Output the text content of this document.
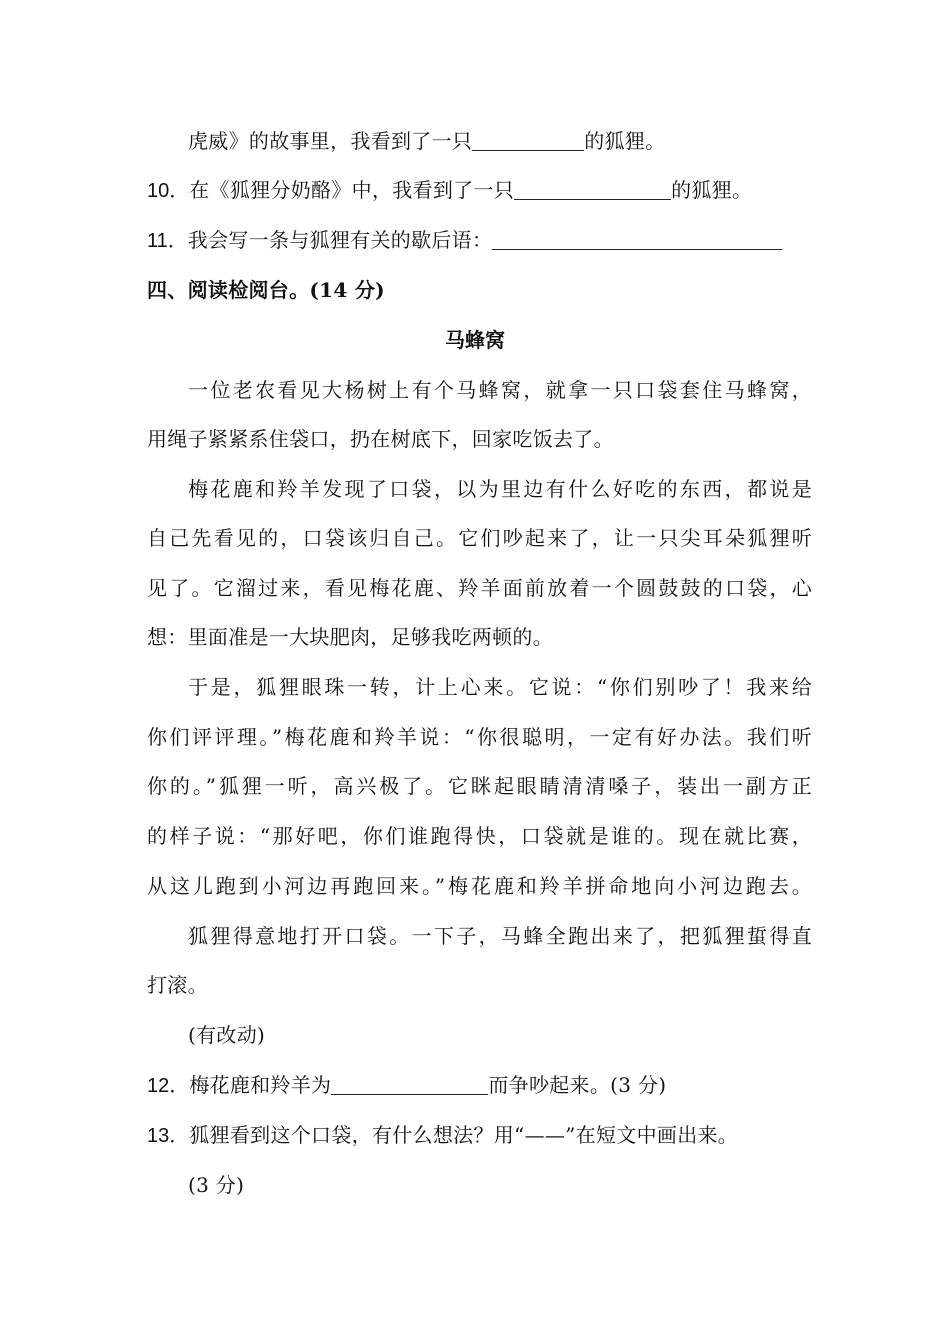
虎威》的故事里，我看到了一只	的狐狸。
10．在《狐狸分奶酪》中，我看到了一只	的狐狸。
11．我会写一条与狐狸有关的歇后语：
四、阅读检阅台。(14 分)
马蜂窝
一位老农看见大杨树上有个马蜂窝，就拿一只口袋套住马蜂窝，
用绳子紧紧系住袋口，扔在树底下，回家吃饭去了。
梅花鹿和羚羊发现了口袋，以为里边有什么好吃的东西，都说是
自己先看见的，口袋该归自己。它们吵起来了，让一只尖耳朵狐狸听
见了。它溜过来，看见梅花鹿、羚羊面前放着一个圆鼓鼓的口袋，心
想：里面准是一大块肥肉，足够我吃两顿的。
于是，狐狸眼珠一转，计上心来。它说：“你们别吵了！我来给
你们评评理。”梅花鹿和羚羊说：“你很聪明，一定有好办法。我们听
你的。”狐狸一听，高兴极了。它眯起眼睛清清嗓子，装出一副方正
的样子说：“那好吧，你们谁跑得快，口袋就是谁的。现在就比赛，
从这儿跑到小河边再跑回来。”梅花鹿和羚羊拼命地向小河边跑去。
狐狸得意地打开口袋。一下子，马蜂全跑出来了，把狐狸蜇得直
打滚。
(有改动)
12．梅花鹿和羚羊为	而争吵起来。(3 分)
13．狐狸看到这个口袋，有什么想法？用“——”在短文中画出来。
(3 分)
